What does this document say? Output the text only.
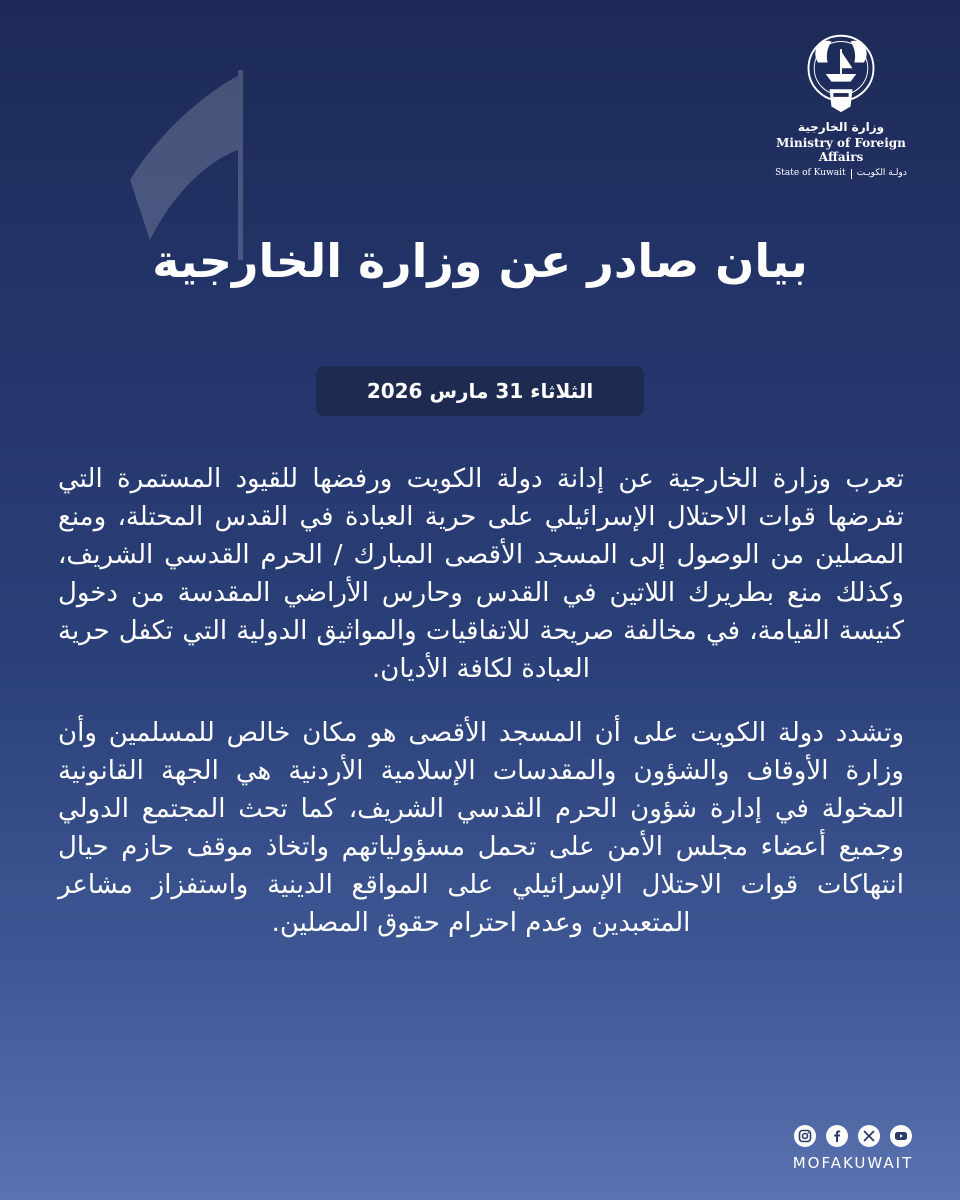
وزارة الخارجية
Ministry of Foreign Affairs
State of Kuwait دولـة الكويـت
بيان صادر عن وزارة الخارجية
الثلاثاء 31 مارس 2026

تعرب وزارة الخارجية عن إدانة دولة الكويت ورفضها للقيود المستمرة التي تفرضها قوات الاحتلال الإسرائيلي على حرية العبادة في القدس المحتلة، ومنع المصلين من الوصول إلى المسجد الأقصى المبارك / الحرم القدسي الشريف، وكذلك منع بطريرك اللاتين في القدس وحارس الأراضي المقدسة من دخول كنيسة القيامة، في مخالفة صريحة للاتفاقيات والمواثيق الدولية التي تكفل حرية العبادة لكافة الأديان.

وتشدد دولة الكويت على أن المسجد الأقصى هو مكان خالص للمسلمين وأن وزارة الأوقاف والشؤون والمقدسات الإسلامية الأردنية هي الجهة القانونية المخولة في إدارة شؤون الحرم القدسي الشريف، كما تحث المجتمع الدولي وجميع أعضاء مجلس الأمن على تحمل مسؤولياتهم واتخاذ موقف حازم حيال انتهاكات قوات الاحتلال الإسرائيلي على المواقع الدينية واستفزاز مشاعر المتعبدين وعدم احترام حقوق المصلين.

MOFAKUWAIT
